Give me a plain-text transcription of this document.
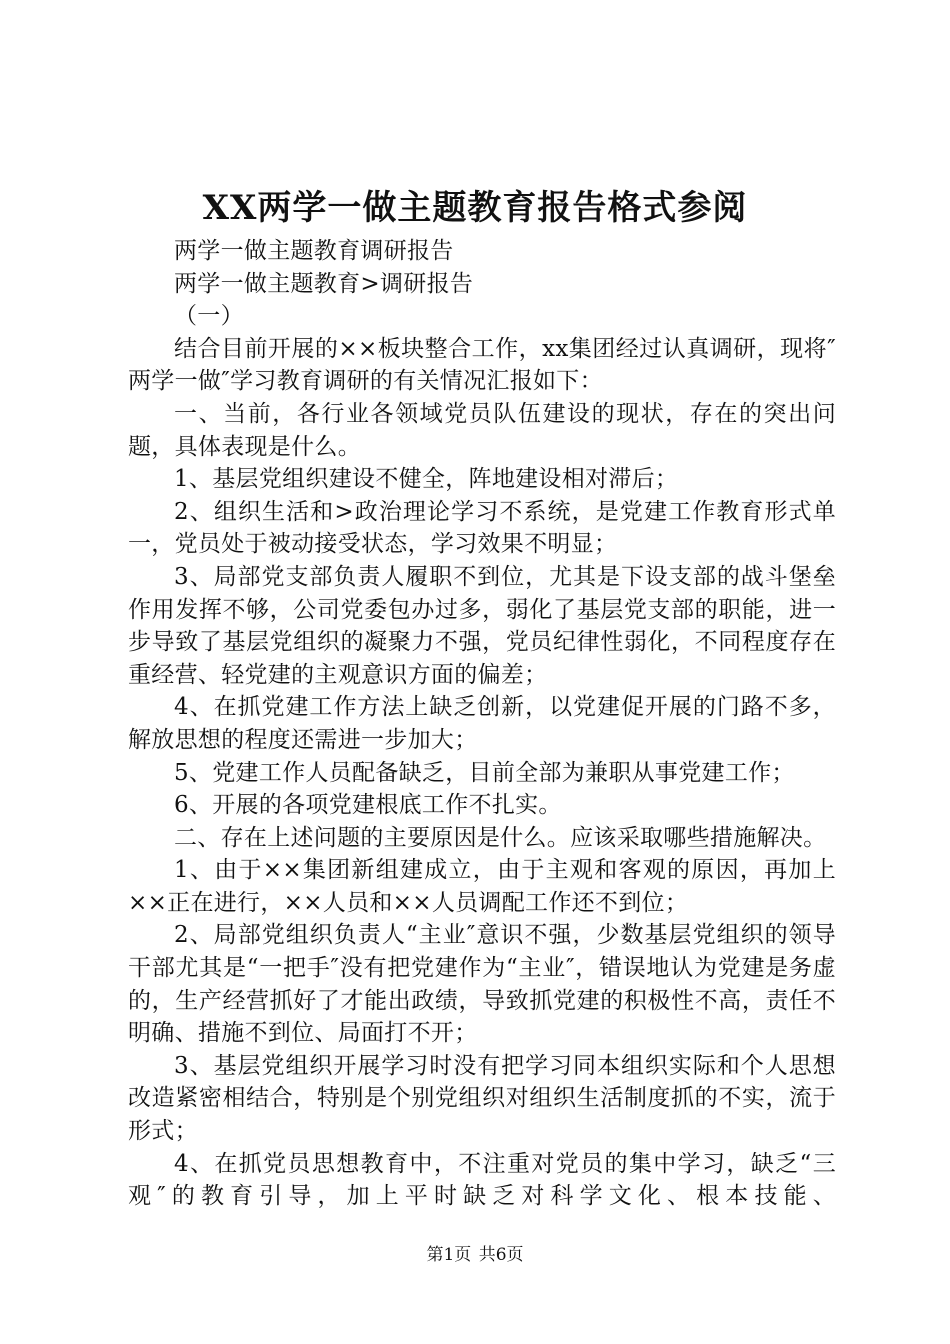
XX两学一做主题教育报告格式参阅

两学一做主题教育调研报告

两学一做主题教育>调研报告

（一）

结合目前开展的××板块整合工作，xx集团经过认真调研，现将″两学一做″学习教育调研的有关情况汇报如下：

一、当前，各行业各领域党员队伍建设的现状，存在的突出问题，具体表现是什么。

1、基层党组织建设不健全，阵地建设相对滞后；

2、组织生活和>政治理论学习不系统，是党建工作教育形式单一，党员处于被动接受状态，学习效果不明显；

3、局部党支部负责人履职不到位，尤其是下设支部的战斗堡垒作用发挥不够，公司党委包办过多，弱化了基层党支部的职能，进一步导致了基层党组织的凝聚力不强，党员纪律性弱化，不同程度存在重经营、轻党建的主观意识方面的偏差；

4、在抓党建工作方法上缺乏创新，以党建促开展的门路不多，解放思想的程度还需进一步加大；

5、党建工作人员配备缺乏，目前全部为兼职从事党建工作；

6、开展的各项党建根底工作不扎实。

二、存在上述问题的主要原因是什么。应该采取哪些措施解决。

1、由于××集团新组建成立，由于主观和客观的原因，再加上××正在进行，××人员和××人员调配工作还不到位；

2、局部党组织负责人“主业″意识不强，少数基层党组织的领导干部尤其是“一把手″没有把党建作为“主业″，错误地认为党建是务虚的，生产经营抓好了才能出政绩，导致抓党建的积极性不高，责任不明确、措施不到位、局面打不开；

3、基层党组织开展学习时没有把学习同本组织实际和个人思想改造紧密相结合，特别是个别党组织对组织生活制度抓的不实，流于形式；

4、在抓党员思想教育中，不注重对党员的集中学习，缺乏“三观″的教育引导，加上平时缺乏对科学文化、根本技能、

第1页 共6页
